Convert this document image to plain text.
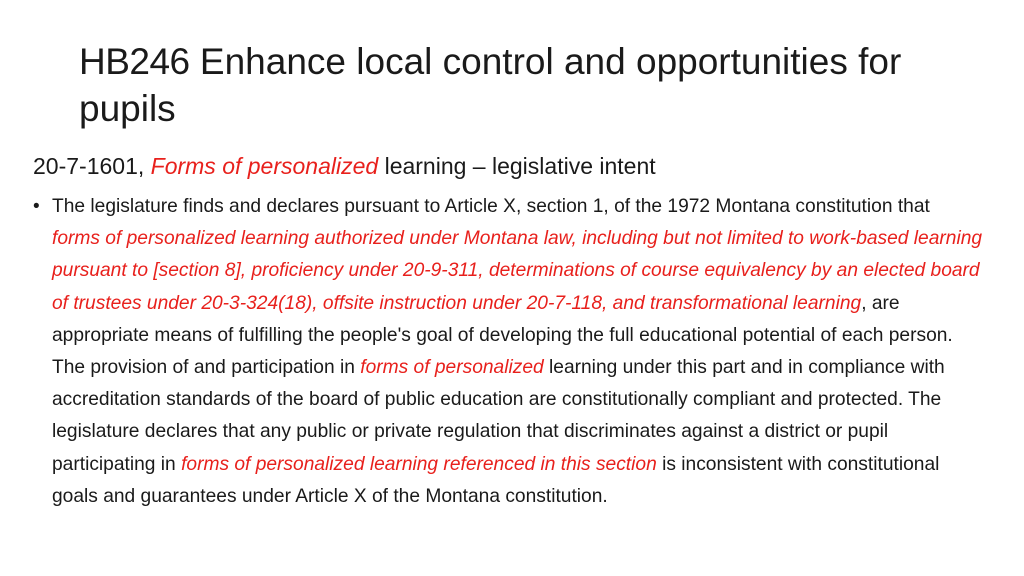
HB246 Enhance local control and opportunities for pupils

20-7-1601, Forms of personalized learning – legislative intent

• The legislature finds and declares pursuant to Article X, section 1, of the 1972 Montana constitution that forms of personalized learning authorized under Montana law, including but not limited to work-based learning pursuant to [section 8], proficiency under 20-9-311, determinations of course equivalency by an elected board of trustees under 20-3-324(18), offsite instruction under 20-7-118, and transformational learning, are appropriate means of fulfilling the people's goal of developing the full educational potential of each person. The provision of and participation in forms of personalized learning under this part and in compliance with accreditation standards of the board of public education are constitutionally compliant and protected. The legislature declares that any public or private regulation that discriminates against a district or pupil participating in forms of personalized learning referenced in this section is inconsistent with constitutional goals and guarantees under Article X of the Montana constitution.
